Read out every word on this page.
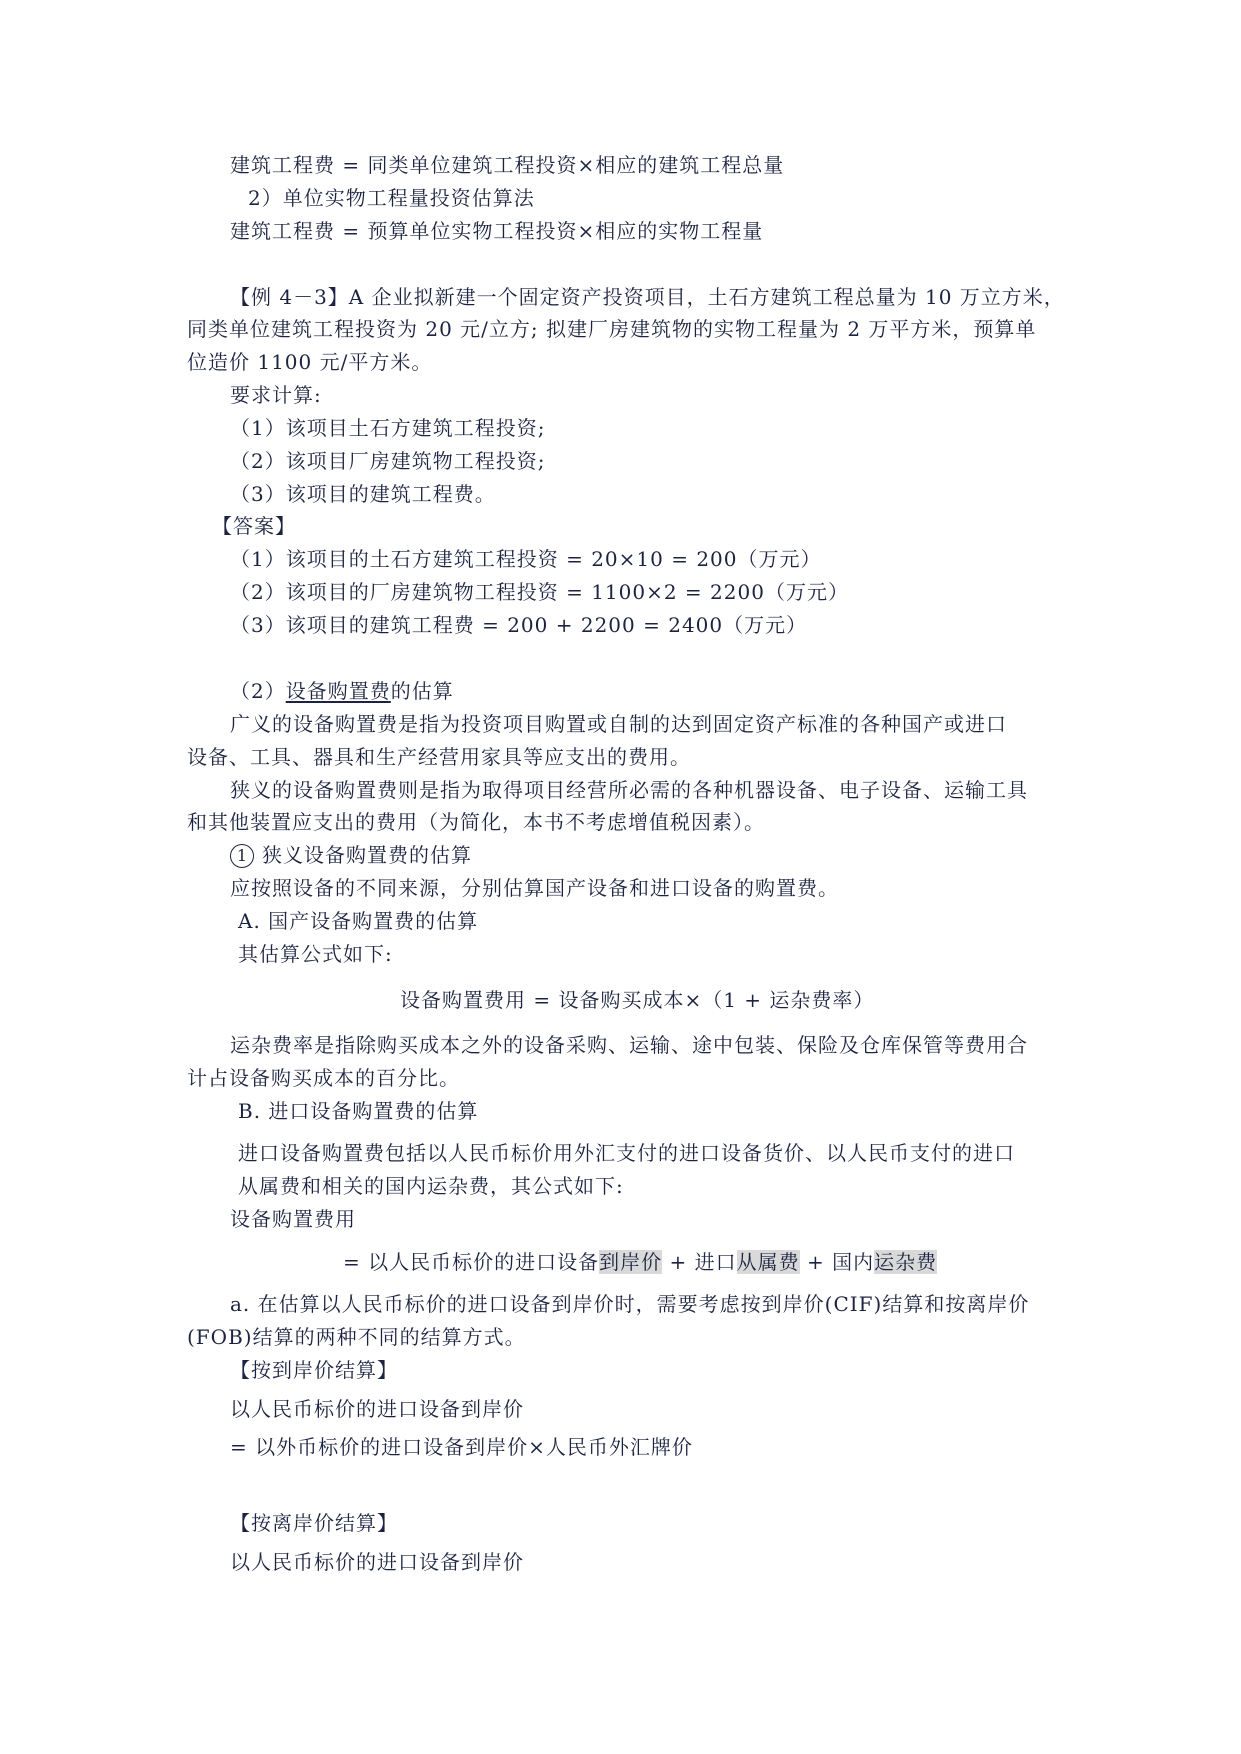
建筑工程费 = 同类单位建筑工程投资×相应的建筑工程总量
2）单位实物工程量投资估算法
建筑工程费 = 预算单位实物工程投资×相应的实物工程量
【例 4－3】A 企业拟新建一个固定资产投资项目，土石方建筑工程总量为 10 万立方米，
同类单位建筑工程投资为 20 元/立方; 拟建厂房建筑物的实物工程量为 2 万平方米，预算单
位造价 1100 元/平方米。
要求计算:
（1）该项目土石方建筑工程投资;
（2）该项目厂房建筑物工程投资;
（3）该项目的建筑工程费。
【答案】
（1）该项目的土石方建筑工程投资 = 20×10 = 200（万元）
（2）该项目的厂房建筑物工程投资 = 1100×2 = 2200（万元）
（3）该项目的建筑工程费 = 200 + 2200 = 2400（万元）
（2）设备购置费的估算
广义的设备购置费是指为投资项目购置或自制的达到固定资产标准的各种国产或进口
设备、工具、器具和生产经营用家具等应支出的费用。
狭义的设备购置费则是指为取得项目经营所必需的各种机器设备、电子设备、运输工具
和其他装置应支出的费用（为简化，本书不考虑增值税因素）。
1 狭义设备购置费的估算
应按照设备的不同来源，分别估算国产设备和进口设备的购置费。
A. 国产设备购置费的估算
其估算公式如下:
设备购置费用 = 设备购买成本×（1 + 运杂费率）
运杂费率是指除购买成本之外的设备采购、运输、途中包装、保险及仓库保管等费用合
计占设备购买成本的百分比。
B. 进口设备购置费的估算
进口设备购置费包括以人民币标价用外汇支付的进口设备货价、以人民币支付的进口
从属费和相关的国内运杂费，其公式如下:
设备购置费用
= 以人民币标价的进口设备到岸价 + 进口从属费 + 国内运杂费
a. 在估算以人民币标价的进口设备到岸价时，需要考虑按到岸价(CIF)结算和按离岸价
(FOB)结算的两种不同的结算方式。
【按到岸价结算】
以人民币标价的进口设备到岸价
= 以外币标价的进口设备到岸价×人民币外汇牌价
【按离岸价结算】
以人民币标价的进口设备到岸价
